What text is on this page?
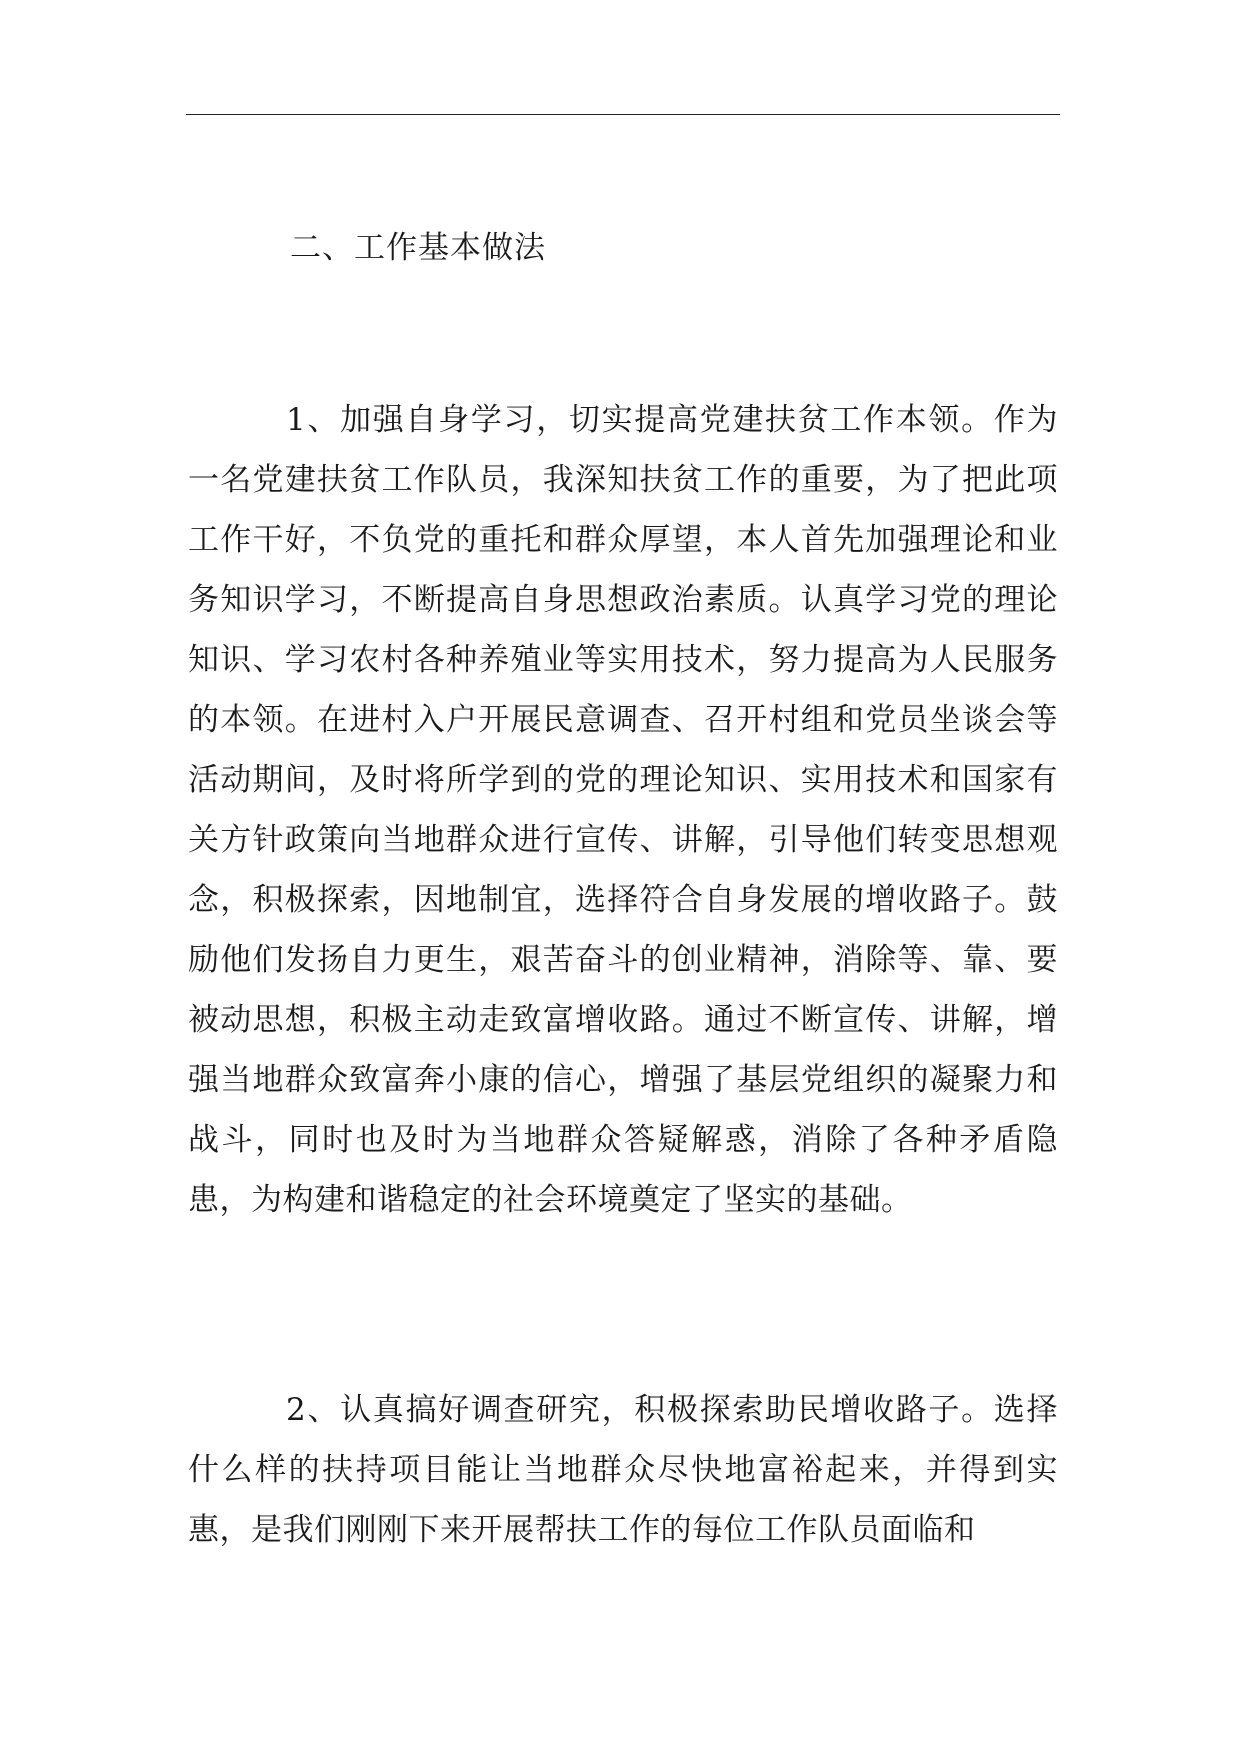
二、工作基本做法

1、加强自身学习，切实提高党建扶贫工作本领。作为一名党建扶贫工作队员，我深知扶贫工作的重要，为了把此项工作干好，不负党的重托和群众厚望，本人首先加强理论和业务知识学习，不断提高自身思想政治素质。认真学习党的理论知识、学习农村各种养殖业等实用技术，努力提高为人民服务的本领。在进村入户开展民意调查、召开村组和党员坐谈会等活动期间，及时将所学到的党的理论知识、实用技术和国家有关方针政策向当地群众进行宣传、讲解，引导他们转变思想观念，积极探索，因地制宜，选择符合自身发展的增收路子。鼓励他们发扬自力更生，艰苦奋斗的创业精神，消除等、靠、要被动思想，积极主动走致富增收路。通过不断宣传、讲解，增强当地群众致富奔小康的信心，增强了基层党组织的凝聚力和战斗，同时也及时为当地群众答疑解惑，消除了各种矛盾隐患，为构建和谐稳定的社会环境奠定了坚实的基础。

2、认真搞好调查研究，积极探索助民增收路子。选择什么样的扶持项目能让当地群众尽快地富裕起来，并得到实惠，是我们刚刚下来开展帮扶工作的每位工作队员面临和
